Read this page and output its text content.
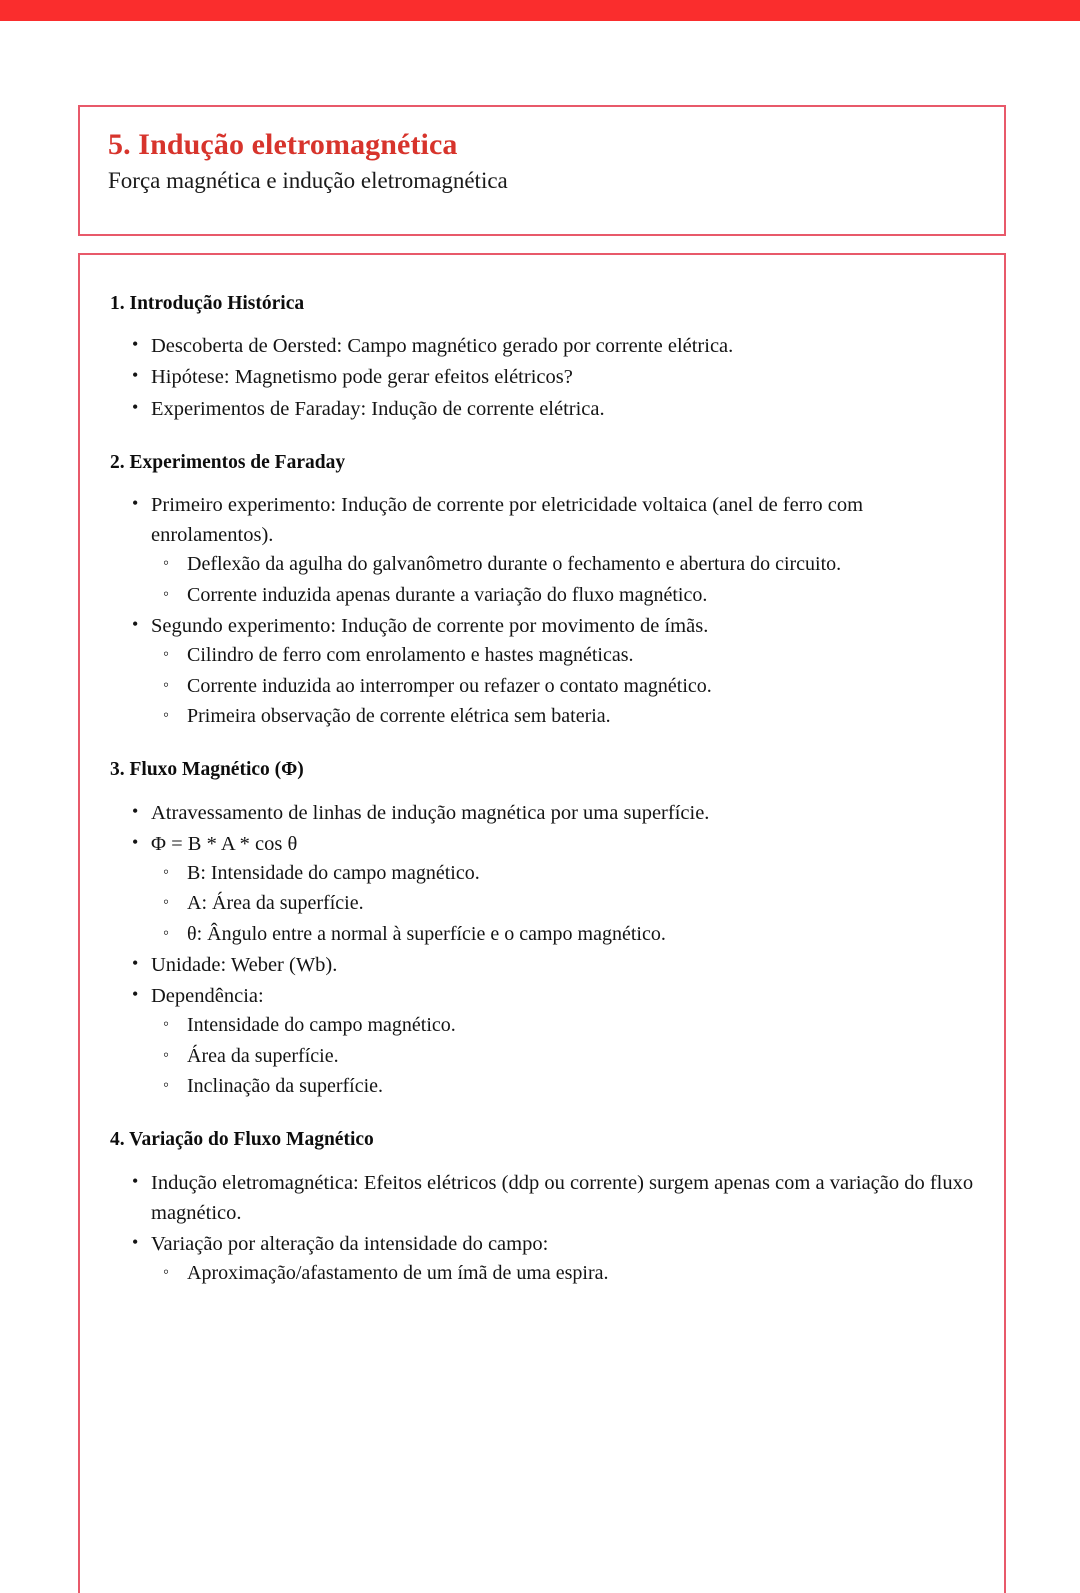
5. Indução eletromagnética
Força magnética e indução eletromagnética
1. Introdução Histórica
• Descoberta de Oersted: Campo magnético gerado por corrente elétrica.
• Hipótese: Magnetismo pode gerar efeitos elétricos?
• Experimentos de Faraday: Indução de corrente elétrica.
2. Experimentos de Faraday
• Primeiro experimento: Indução de corrente por eletricidade voltaica (anel de ferro com enrolamentos).
◦ Deflexão da agulha do galvanômetro durante o fechamento e abertura do circuito.
◦ Corrente induzida apenas durante a variação do fluxo magnético.
• Segundo experimento: Indução de corrente por movimento de ímãs.
◦ Cilindro de ferro com enrolamento e hastes magnéticas.
◦ Corrente induzida ao interromper ou refazer o contato magnético.
◦ Primeira observação de corrente elétrica sem bateria.
3. Fluxo Magnético (Φ)
• Atravessamento de linhas de indução magnética por uma superfície.
• Φ = B * A * cos θ
◦ B: Intensidade do campo magnético.
◦ A: Área da superfície.
◦ θ: Ângulo entre a normal à superfície e o campo magnético.
• Unidade: Weber (Wb).
• Dependência:
◦ Intensidade do campo magnético.
◦ Área da superfície.
◦ Inclinação da superfície.
4. Variação do Fluxo Magnético
• Indução eletromagnética: Efeitos elétricos (ddp ou corrente) surgem apenas com a variação do fluxo magnético.
• Variação por alteração da intensidade do campo:
◦ Aproximação/afastamento de um ímã de uma espira.
